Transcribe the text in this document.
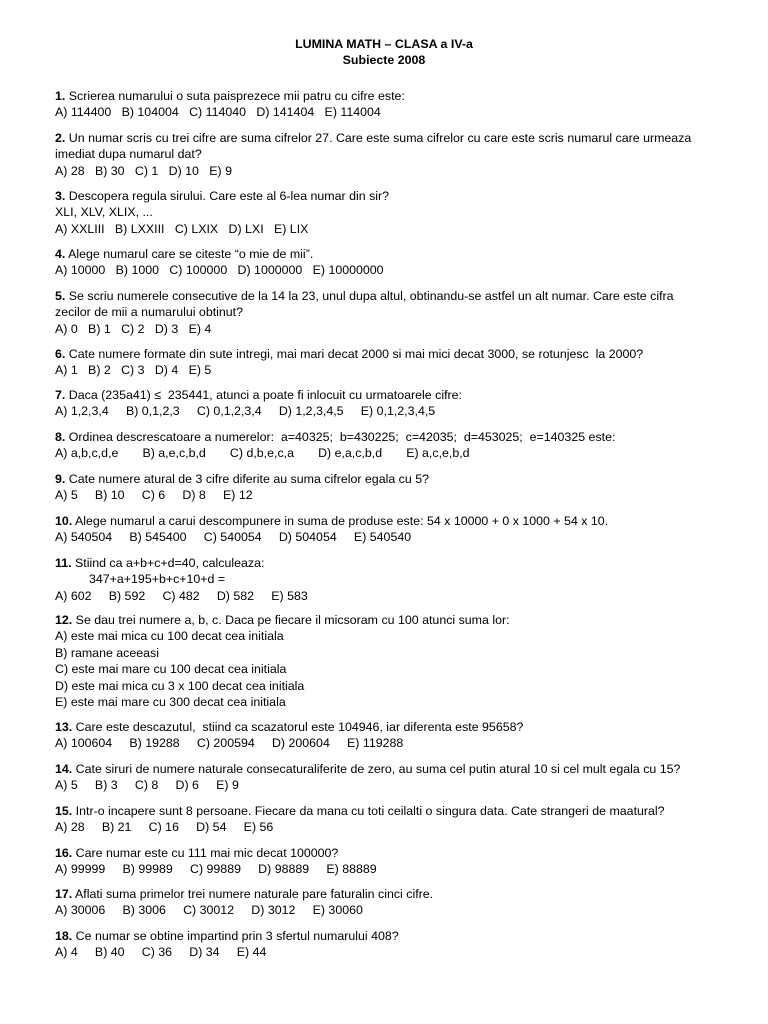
LUMINA MATH – CLASA a IV-a
Subiecte 2008
1. Scrierea numarului o suta paisprezece mii patru cu cifre este:
A) 114400   B) 104004   C) 114040   D) 141404   E) 114004
2. Un numar scris cu trei cifre are suma cifrelor 27. Care este suma cifrelor cu care este scris numarul care urmeaza
imediat dupa numarul dat?
A) 28   B) 30   C) 1   D) 10   E) 9
3. Descopera regula sirului. Care este al 6-lea numar din sir?
XLI, XLV, XLIX, ...
A) XXLIII   B) LXXIII   C) LXIX   D) LXI   E) LIX
4. Alege numarul care se citeste “o mie de mii”.
A) 10000   B) 1000   C) 100000   D) 1000000   E) 10000000
5. Se scriu numerele consecutive de la 14 la 23, unul dupa altul, obtinandu-se astfel un alt numar. Care este cifra
zecilor de mii a numarului obtinut?
A) 0   B) 1   C) 2   D) 3   E) 4
6. Cate numere formate din sute intregi, mai mari decat 2000 si mai mici decat 3000, se rotunjesc  la 2000?
A) 1   B) 2   C) 3   D) 4   E) 5
7. Daca (235a41) ≤  235441, atunci a poate fi inlocuit cu urmatoarele cifre:
A) 1,2,3,4     B) 0,1,2,3     C) 0,1,2,3,4     D) 1,2,3,4,5     E) 0,1,2,3,4,5
8. Ordinea descrescatoare a numerelor:  a=40325;  b=430225;  c=42035;  d=453025;  e=140325 este:
A) a,b,c,d,e       B) a,e,c,b,d       C) d,b,e,c,a       D) e,a,c,b,d       E) a,c,e,b,d
9. Cate numere atural de 3 cifre diferite au suma cifrelor egala cu 5?
A) 5     B) 10     C) 6     D) 8     E) 12
10. Alege numarul a carui descompunere in suma de produse este: 54 x 10000 + 0 x 1000 + 54 x 10.
A) 540504     B) 545400     C) 540054     D) 504054     E) 540540
11. Stiind ca a+b+c+d=40, calculeaza:
347+a+195+b+c+10+d =
A) 602     B) 592     C) 482     D) 582     E) 583
12. Se dau trei numere a, b, c. Daca pe fiecare il micsoram cu 100 atunci suma lor:
A) este mai mica cu 100 decat cea initiala
B) ramane aceeasi
C) este mai mare cu 100 decat cea initiala
D) este mai mica cu 3 x 100 decat cea initiala
E) este mai mare cu 300 decat cea initiala
13. Care este descazutul,  stiind ca scazatorul este 104946, iar diferenta este 95658?
A) 100604     B) 19288     C) 200594     D) 200604     E) 119288
14. Cate siruri de numere naturale consecaturaliferite de zero, au suma cel putin atural 10 si cel mult egala cu 15?
A) 5     B) 3     C) 8     D) 6     E) 9
15. Intr-o incapere sunt 8 persoane. Fiecare da mana cu toti ceilalti o singura data. Cate strangeri de maatural?
A) 28     B) 21     C) 16     D) 54     E) 56
16. Care numar este cu 111 mai mic decat 100000?
A) 99999     B) 99989     C) 99889     D) 98889     E) 88889
17. Aflati suma primelor trei numere naturale pare faturalin cinci cifre.
A) 30006     B) 3006     C) 30012     D) 3012     E) 30060
18. Ce numar se obtine impartind prin 3 sfertul numarului 408?
A) 4     B) 40     C) 36     D) 34     E) 44
